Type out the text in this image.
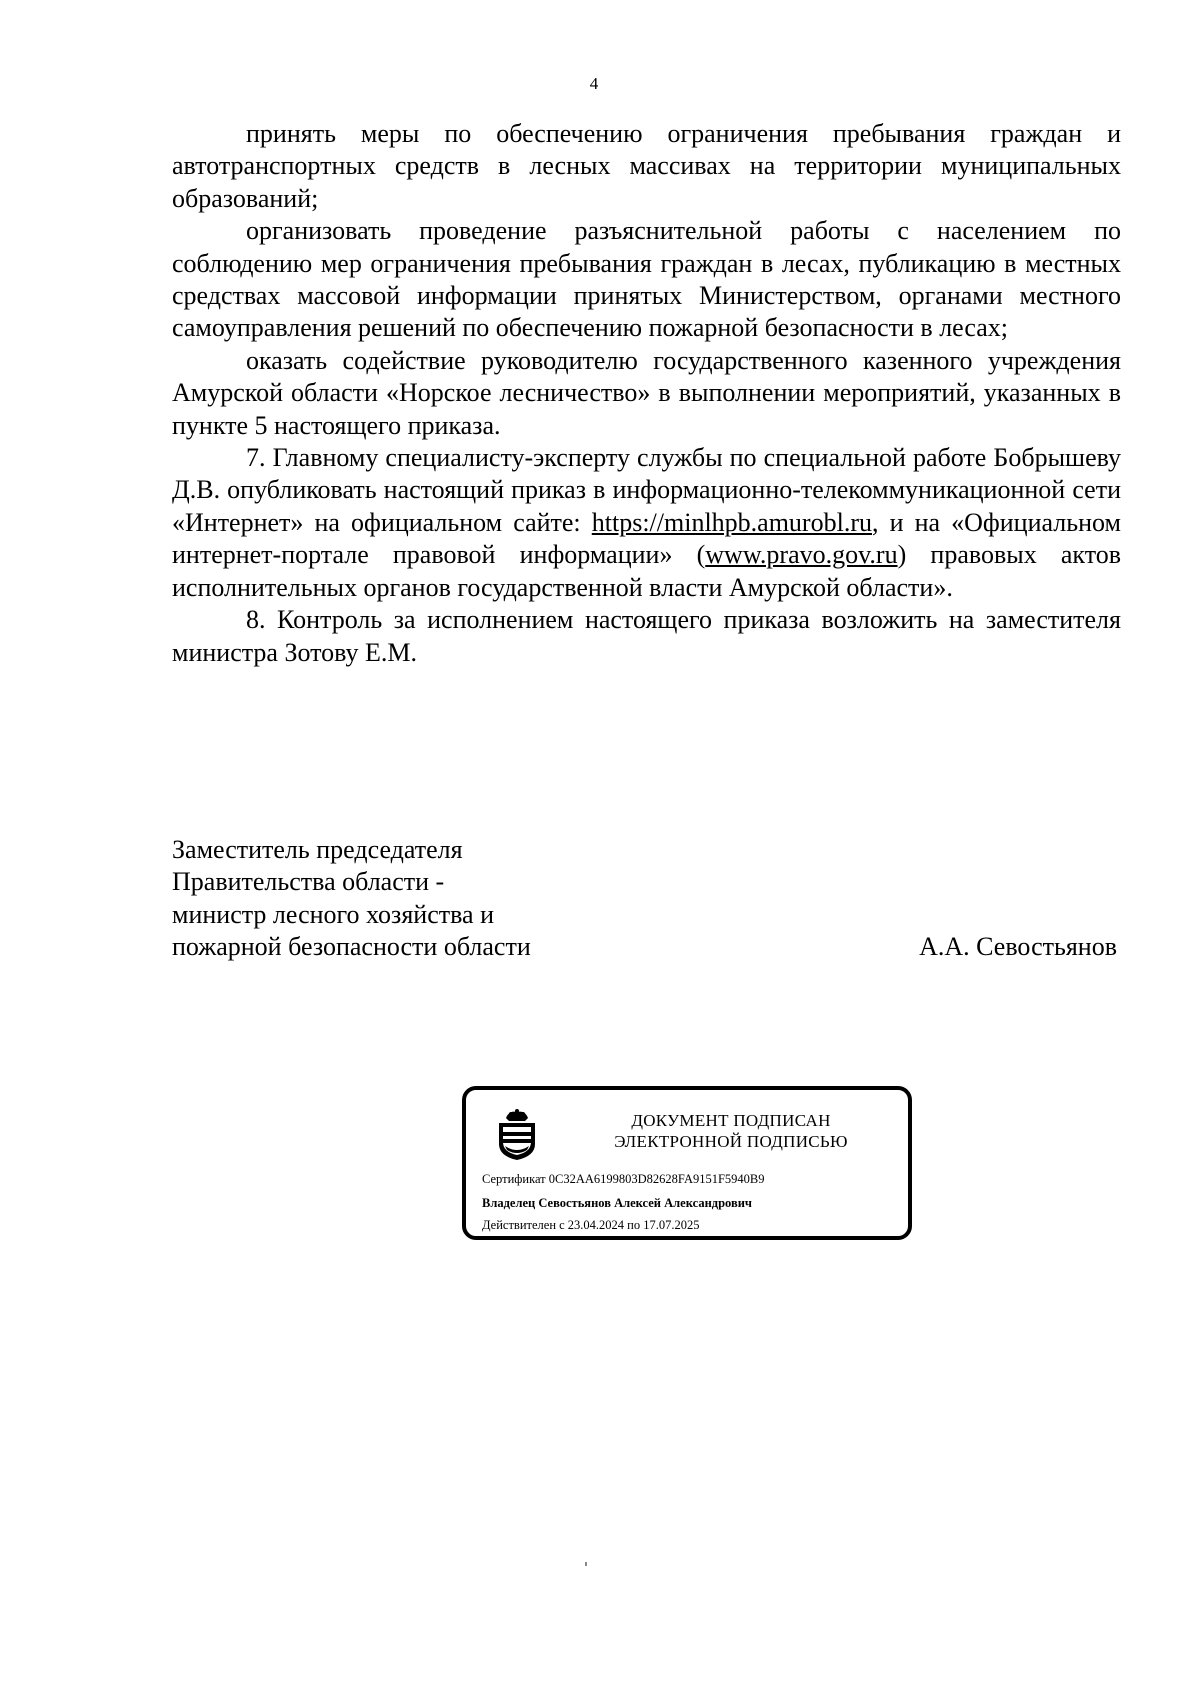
4

принять меры по обеспечению ограничения пребывания граждан и автотранспортных средств в лесных массивах на территории муниципальных образований;

организовать проведение разъяснительной работы с населением по соблюдению мер ограничения пребывания граждан в лесах, публикацию в местных средствах массовой информации принятых Министерством, органами местного самоуправления решений по обеспечению пожарной безопасности в лесах;

оказать содействие руководителю государственного казенного учреждения Амурской области «Норское лесничество» в выполнении мероприятий, указанных в пункте 5 настоящего приказа.

7. Главному специалисту-эксперту службы по специальной работе Бобрышеву Д.В. опубликовать настоящий приказ в информационно-телекоммуникационной сети «Интернет» на официальном сайте: https://minlhpb.amurobl.ru, и на «Официальном интернет-портале правовой информации» (www.pravo.gov.ru) правовых актов исполнительных органов государственной власти Амурской области».

8. Контроль за исполнением настоящего приказа возложить на заместителя министра Зотову Е.М.

Заместитель председателя
Правительства области -
министр лесного хозяйства и
пожарной безопасности области	А.А. Севостьянов
ДОКУМЕНТ ПОДПИСАН
ЭЛЕКТРОННОЙ ПОДПИСЬЮ
Сертификат 0C32AA6199803D82628FA9151F5940B9
Владелец Севостьянов Алексей Александрович
Действителен с 23.04.2024 по 17.07.2025
